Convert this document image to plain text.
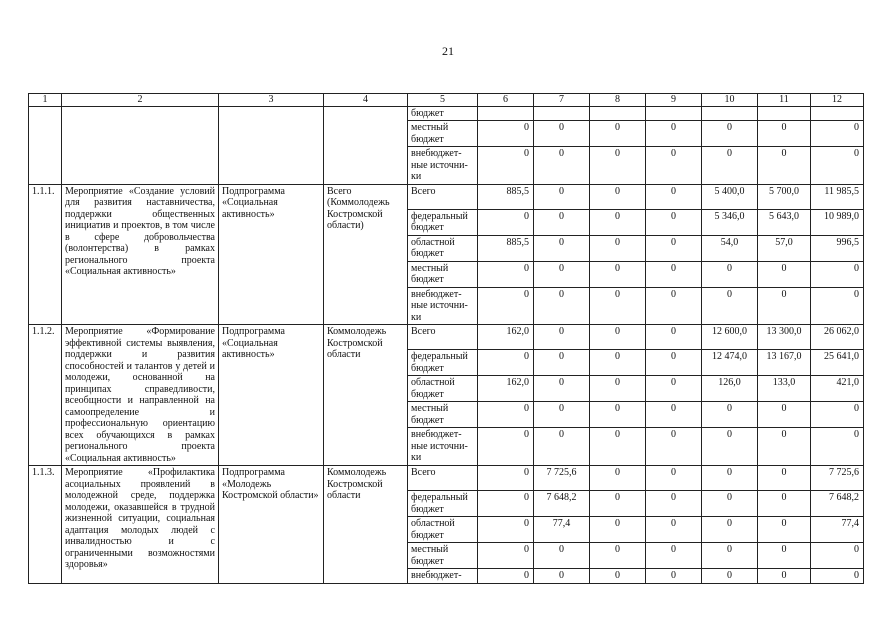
21
1	2	3	4	5	6	7	8	9	10	11	12
				бюджет							
				местный бюджет	0	0	0	0	0	0	0
				внебюджет-ные источни-ки	0	0	0	0	0	0	0
1.1.1.	Мероприятие «Создание условий для развития наставничества, поддержки общественных инициатив и проектов, в том числе в сфере добровольчества (волонтерства) в рамках регионального проекта «Социальная активность»	Подпрограмма «Социальная активность»	Всего (Коммолодежь Костромской области)	Всего	885,5	0	0	0	5 400,0	5 700,0	11 985,5
				федеральный бюджет	0	0	0	0	5 346,0	5 643,0	10 989,0
				областной бюджет	885,5	0	0	0	54,0	57,0	996,5
				местный бюджет	0	0	0	0	0	0	0
				внебюджет-ные источни-ки	0	0	0	0	0	0	0
1.1.2.	Мероприятие «Формирование эффективной системы выявления, поддержки и развития способностей и талантов у детей и молодежи, основанной на принципах справедливости, всеобщности и направленной на самоопределение и профессиональную ориентацию всех обучающихся в рамках регионального проекта «Социальная активность»	Подпрограмма «Социальная активность»	Коммолодежь Костромской области	Всего	162,0	0	0	0	12 600,0	13 300,0	26 062,0
				федеральный бюджет	0	0	0	0	12 474,0	13 167,0	25 641,0
				областной бюджет	162,0	0	0	0	126,0	133,0	421,0
				местный бюджет	0	0	0	0	0	0	0
				внебюджет-ные источни-ки	0	0	0	0	0	0	0
1.1.3.	Мероприятие «Профилактика асоциальных проявлений в молодежной среде, поддержка молодежи, оказавшейся в трудной жизненной ситуации, социальная адаптация молодых людей с инвалидностью и с ограниченными возможностями здоровья»	Подпрограмма «Молодежь Костромской области»	Коммолодежь Костромской области	Всего	0	7 725,6	0	0	0	0	7 725,6
				федеральный бюджет	0	7 648,2	0	0	0	0	7 648,2
				областной бюджет	0	77,4	0	0	0	0	77,4
				местный бюджет	0	0	0	0	0	0	0
				внебюджет-	0	0	0	0	0	0	0
